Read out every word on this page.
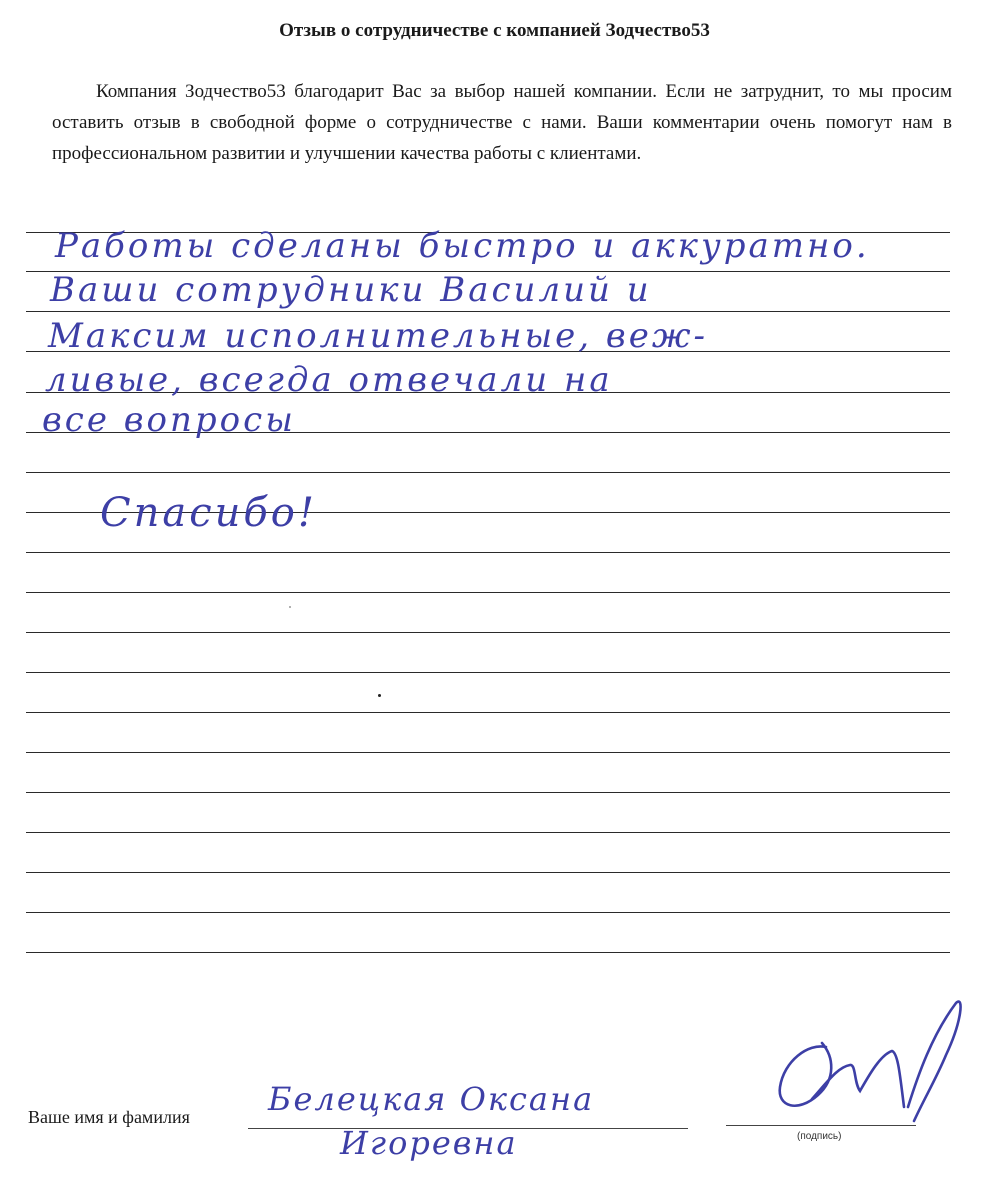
Отзыв о сотрудничестве с компанией Зодчество53
Компания Зодчество53 благодарит Вас за выбор нашей компании. Если не затруднит, то мы просим оставить отзыв в свободной форме о сотрудничестве с нами. Ваши комментарии очень помогут нам в профессиональном развитии и улучшении качества работы с клиентами.
Работы сделаны быстро и аккуратно.
Ваши сотрудники Василий и
Максим исполнительные, веж-
ливые, всегда отвечали на
все вопросы
Спасибо!
Ваше имя и фамилия Белецкая Оксана
Игоревна	(подпись)
